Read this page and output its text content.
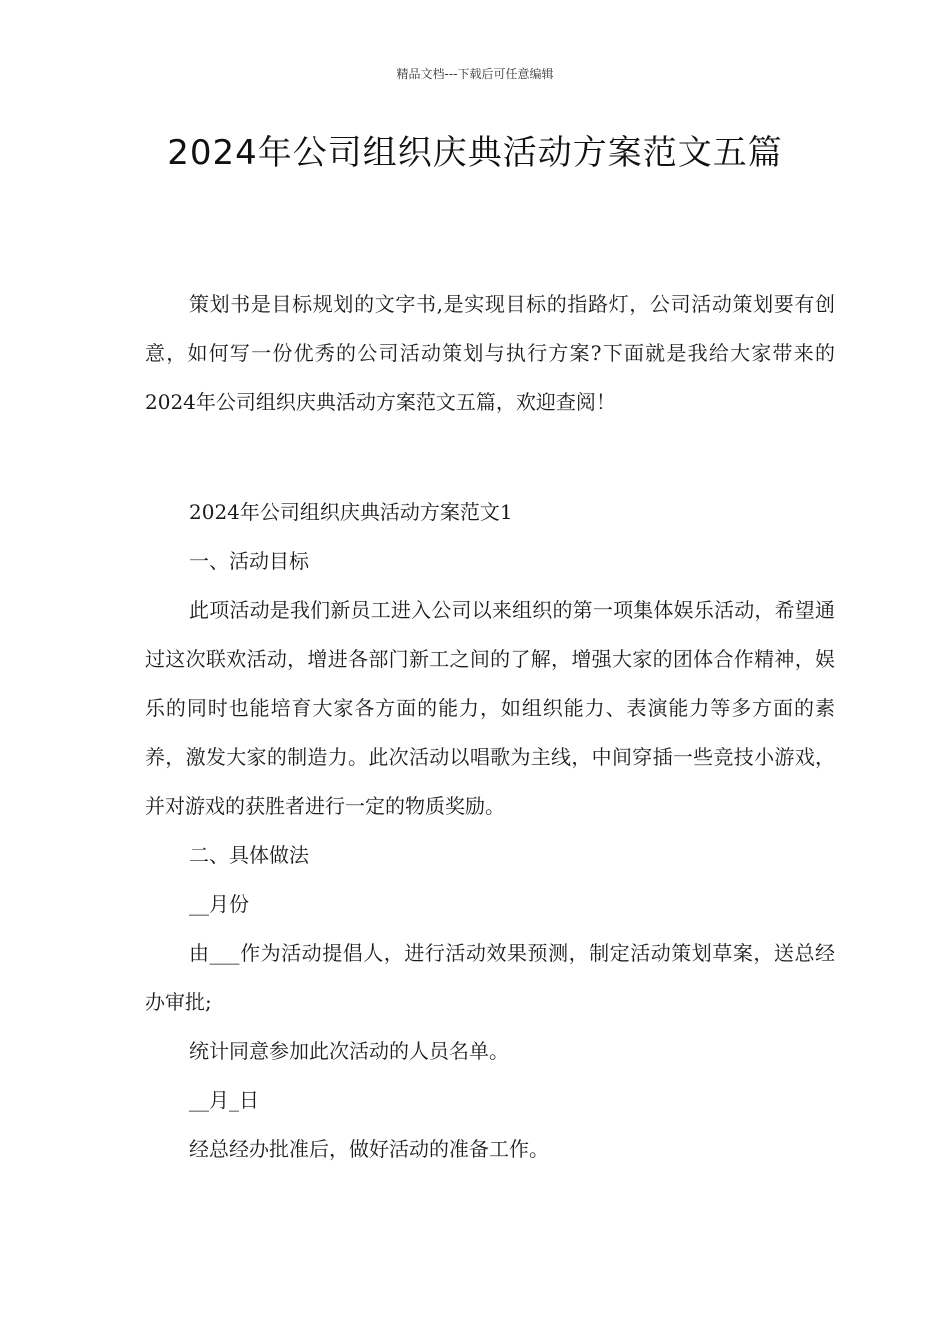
精品文档---下载后可任意编辑
2024年公司组织庆典活动方案范文五篇

策划书是目标规划的文字书,是实现目标的指路灯，公司活动策划要有创意，如何写一份优秀的公司活动策划与执行方案?下面就是我给大家带来的2024年公司组织庆典活动方案范文五篇，欢迎查阅！

2024年公司组织庆典活动方案范文1

一、活动目标

此项活动是我们新员工进入公司以来组织的第一项集体娱乐活动，希望通过这次联欢活动，增进各部门新工之间的了解，增强大家的团体合作精神，娱乐的同时也能培育大家各方面的能力，如组织能力、表演能力等多方面的素养，激发大家的制造力。此次活动以唱歌为主线，中间穿插一些竞技小游戏，并对游戏的获胜者进行一定的物质奖励。

二、具体做法

__月份

由___作为活动提倡人，进行活动效果预测，制定活动策划草案，送总经办审批;

统计同意参加此次活动的人员名单。

__月_日

经总经办批准后，做好活动的准备工作。
